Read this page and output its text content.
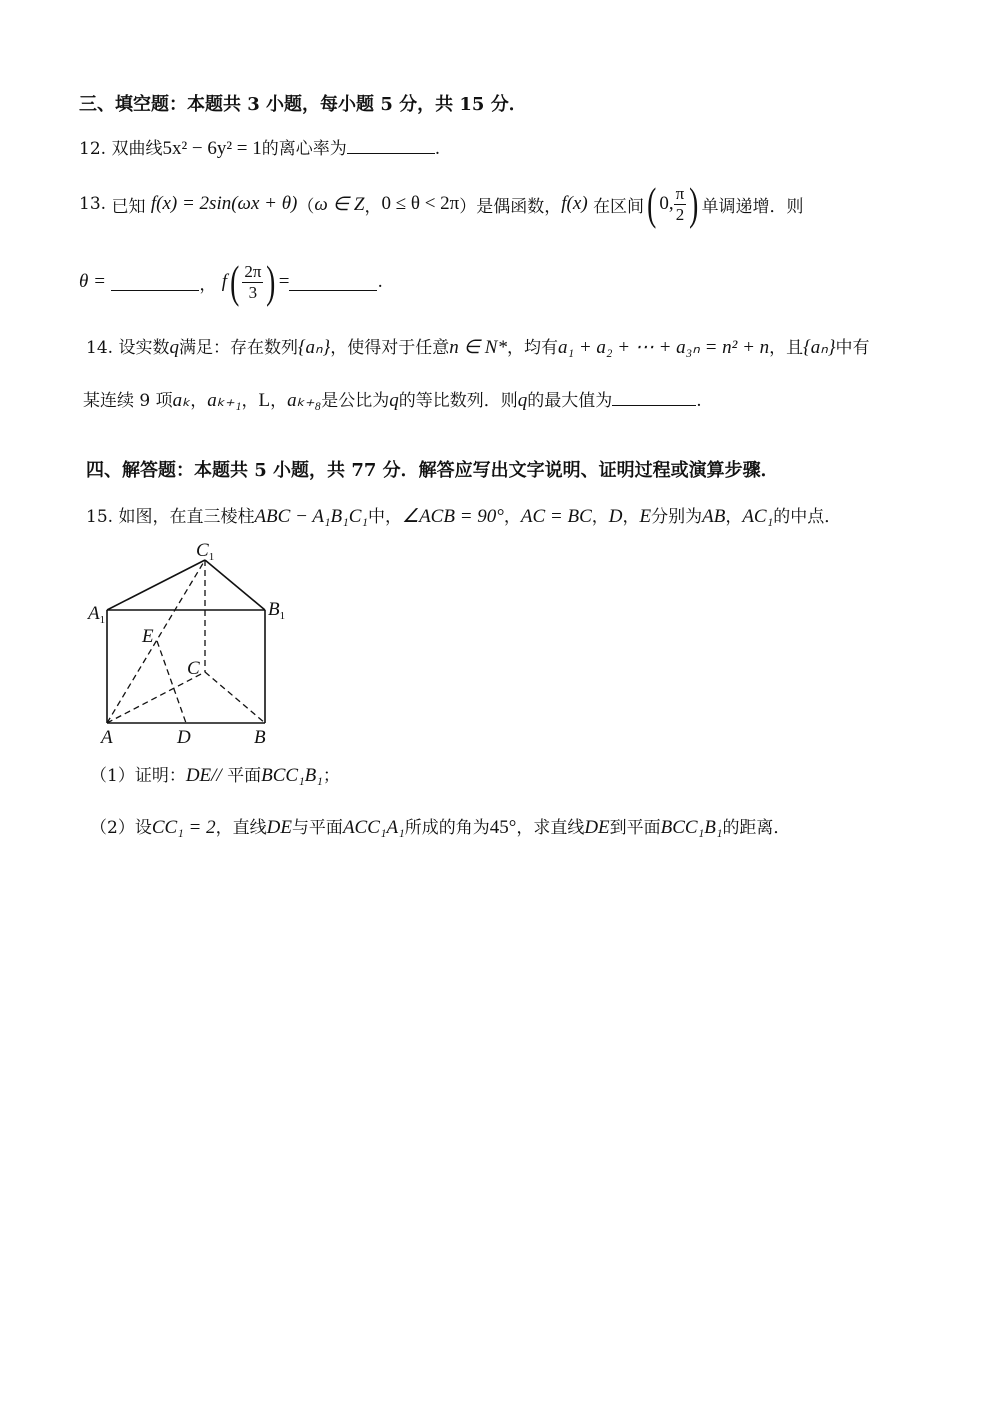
三、填空题：本题共 3 小题，每小题 5 分，共 15 分．
12. 双曲线5x² − 6y² = 1的离心率为	.
13.
已知
f(x) = 2sin(ωx + θ) （ ω ∈ Z ， 0 ≤ θ < 2π ） 是偶函数， f(x)
在区间 ( 0, $\frac{\pi}{2}$ ) 单调递增．则
θ =
	，
f ( $\frac{2\pi}{3}$ ) =	.
14. 设实数q满足：存在数列{aₙ}，使得对于任意n ∈ N*，均有a₁ + a₂ + ⋯ + a₃ₙ = n² + n，且{aₙ}中有
某连续 9 项aₖ，aₖ₊₁，L，aₖ₊₈是公比为q的等比数列．则q的最大值为	.
四、解答题：本题共 5 小题，共 77 分．解答应写出文字说明、证明过程或演算步骤．
15. 如图，在直三棱柱ABC − A₁B₁C₁中，∠ACB = 90°，AC = BC，D，E分别为AB，AC₁的中点．
$C_1$
$A_1$	$B_1$
E
C
A	D	B
（1）证明：DE// 平面BCC₁B₁；
（2）设CC₁ = 2，直线DE与平面ACC₁A₁所成的角为45°，求直线DE到平面BCC₁B₁的距离．
